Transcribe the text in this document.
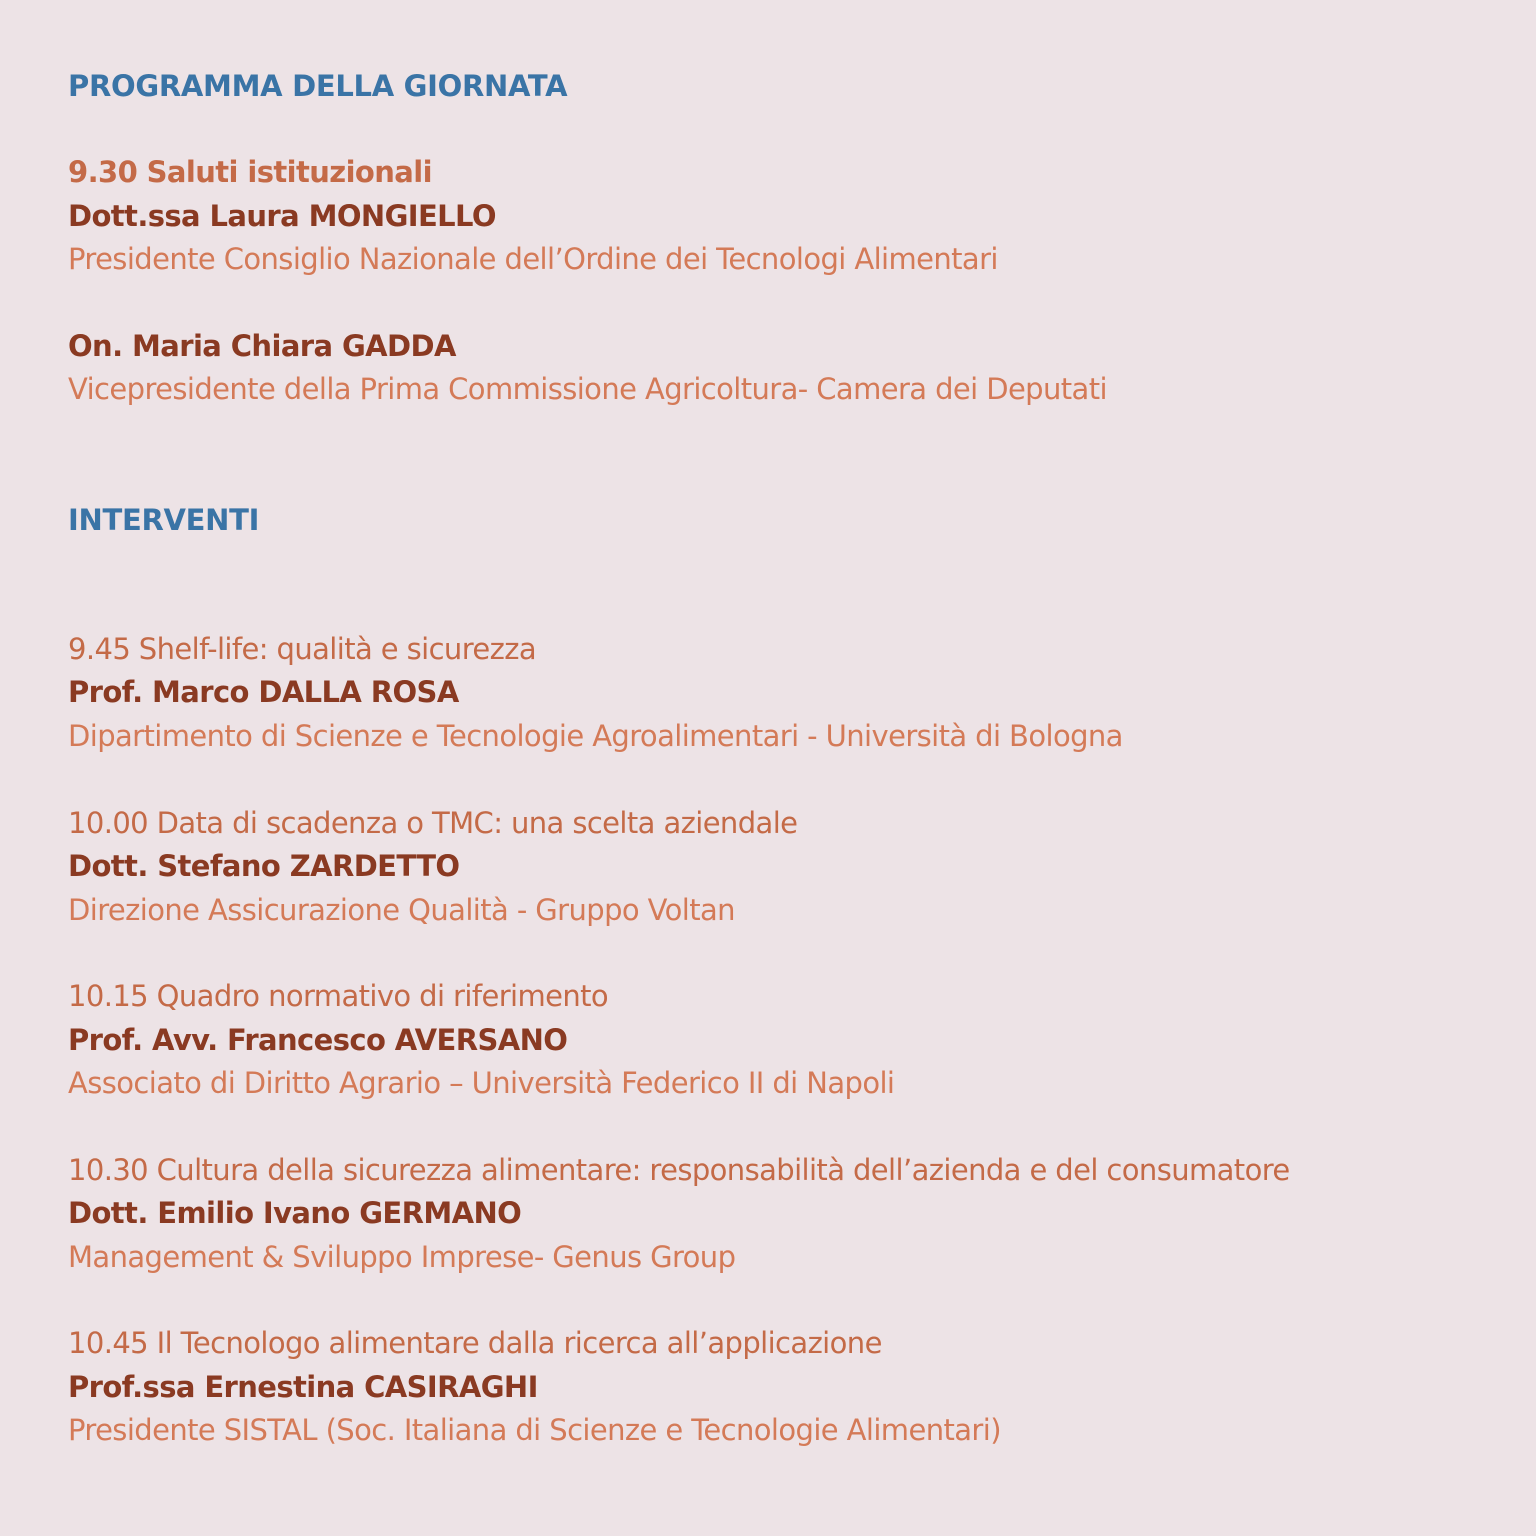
PROGRAMMA DELLA GIORNATA
9.30 Saluti istituzionali
Dott.ssa Laura MONGIELLO
Presidente Consiglio Nazionale dell’Ordine dei Tecnologi Alimentari
On. Maria Chiara GADDA
Vicepresidente della Prima Commissione Agricoltura- Camera dei Deputati
INTERVENTI
9.45 Shelf-life: qualità e sicurezza
Prof. Marco DALLA ROSA
Dipartimento di Scienze e Tecnologie Agroalimentari - Università di Bologna
10.00 Data di scadenza o TMC: una scelta aziendale
Dott. Stefano ZARDETTO
Direzione Assicurazione Qualità - Gruppo Voltan
10.15 Quadro normativo di riferimento
Prof. Avv. Francesco AVERSANO
Associato di Diritto Agrario – Università Federico II di Napoli
10.30 Cultura della sicurezza alimentare: responsabilità dell’azienda e del consumatore
Dott. Emilio Ivano GERMANO
Management & Sviluppo Imprese- Genus Group
10.45 Il Tecnologo alimentare dalla ricerca all’applicazione
Prof.ssa Ernestina CASIRAGHI
Presidente SISTAL (Soc. Italiana di Scienze e Tecnologie Alimentari)
